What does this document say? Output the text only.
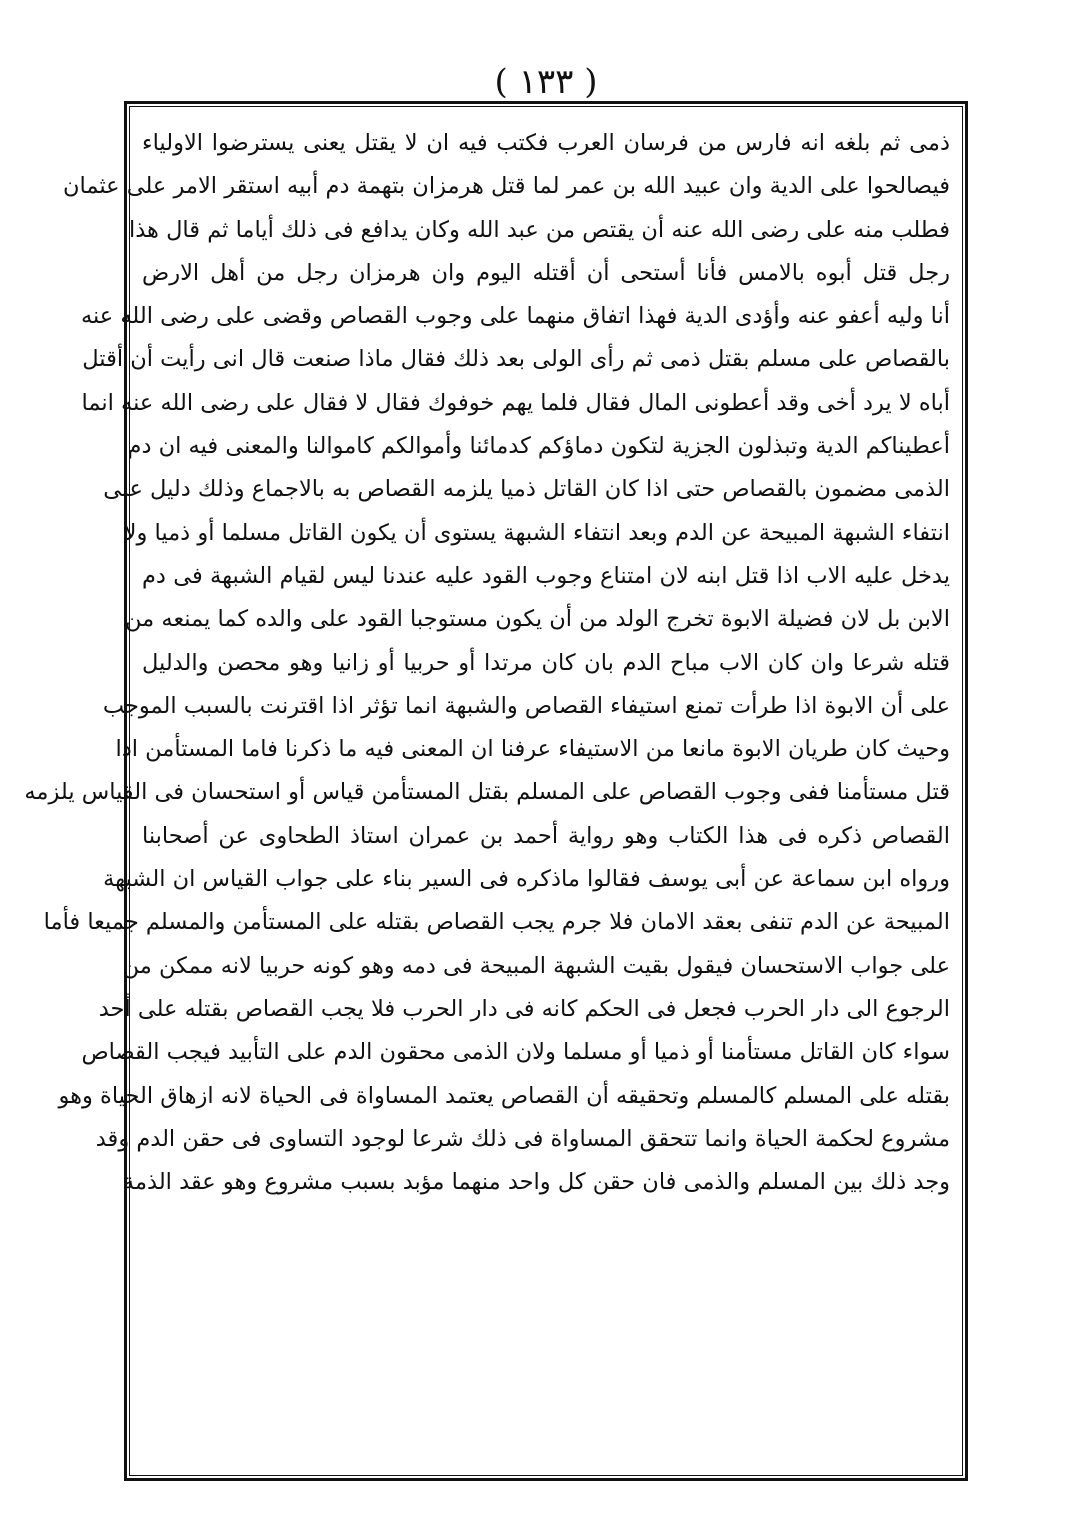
( ١٣٣ )
ذمى ثم بلغه انه فارس من فرسان العرب فكتب فيه ان لا يقتل يعنى يسترضوا الاولياء
فيصالحوا على الدية وان عبيد الله بن عمر لما قتل هرمزان بتهمة دم أبيه استقر الامر على عثمان
فطلب منه على رضى الله عنه أن يقتص من عبد الله وكان يدافع فى ذلك أياما ثم قال هذا
رجل قتل أبوه بالامس فأنا أستحى أن أقتله اليوم وان هرمزان رجل من أهل الارض
أنا وليه أعفو عنه وأؤدى الدية فهذا اتفاق منهما على وجوب القصاص وقضى على رضى الله عنه
بالقصاص على مسلم بقتل ذمى ثم رأى الولى بعد ذلك فقال ماذا صنعت قال انى رأيت أن أقتل
أباه لا يرد أخى وقد أعطونى المال فقال فلما يهم خوفوك فقال لا فقال على رضى الله عنه انما
أعطيناكم الدية وتبذلون الجزية لتكون دماؤكم كدمائنا وأموالكم كاموالنا والمعنى فيه ان دم
الذمى مضمون بالقصاص حتى اذا كان القاتل ذميا يلزمه القصاص به بالاجماع وذلك دليل على
انتفاء الشبهة المبيحة عن الدم وبعد انتفاء الشبهة يستوى أن يكون القاتل مسلما أو ذميا ولا
يدخل عليه الاب اذا قتل ابنه لان امتناع وجوب القود عليه عندنا ليس لقيام الشبهة فى دم
الابن بل لان فضيلة الابوة تخرج الولد من أن يكون مستوجبا القود على والده كما يمنعه من
قتله شرعا وان كان الاب مباح الدم بان كان مرتدا أو حربيا أو زانيا وهو محصن والدليل
على أن الابوة اذا طرأت تمنع استيفاء القصاص والشبهة انما تؤثر اذا اقترنت بالسبب الموجب
وحيث كان طريان الابوة مانعا من الاستيفاء عرفنا ان المعنى فيه ما ذكرنا فاما المستأمن اذا
قتل مستأمنا ففى وجوب القصاص على المسلم بقتل المستأمن قياس أو استحسان فى القياس يلزمه
القصاص ذكره فى هذا الكتاب وهو رواية أحمد بن عمران استاذ الطحاوى عن أصحابنا
ورواه ابن سماعة عن أبى يوسف فقالوا ماذكره فى السير بناء على جواب القياس ان الشبهة
المبيحة عن الدم تنفى بعقد الامان فلا جرم يجب القصاص بقتله على المستأمن والمسلم جميعا فأما
على جواب الاستحسان فيقول بقيت الشبهة المبيحة فى دمه وهو كونه حربيا لانه ممكن من
الرجوع الى دار الحرب فجعل فى الحكم كانه فى دار الحرب فلا يجب القصاص بقتله على أحد
سواء كان القاتل مستأمنا أو ذميا أو مسلما ولان الذمى محقون الدم على التأبيد فيجب القصاص
بقتله على المسلم كالمسلم وتحقيقه أن القصاص يعتمد المساواة فى الحياة لانه ازهاق الحياة وهو
مشروع لحكمة الحياة وانما تتحقق المساواة فى ذلك شرعا لوجود التساوى فى حقن الدم وقد
وجد ذلك بين المسلم والذمى فان حقن كل واحد منهما مؤبد بسبب مشروع وهو عقد الذمة
